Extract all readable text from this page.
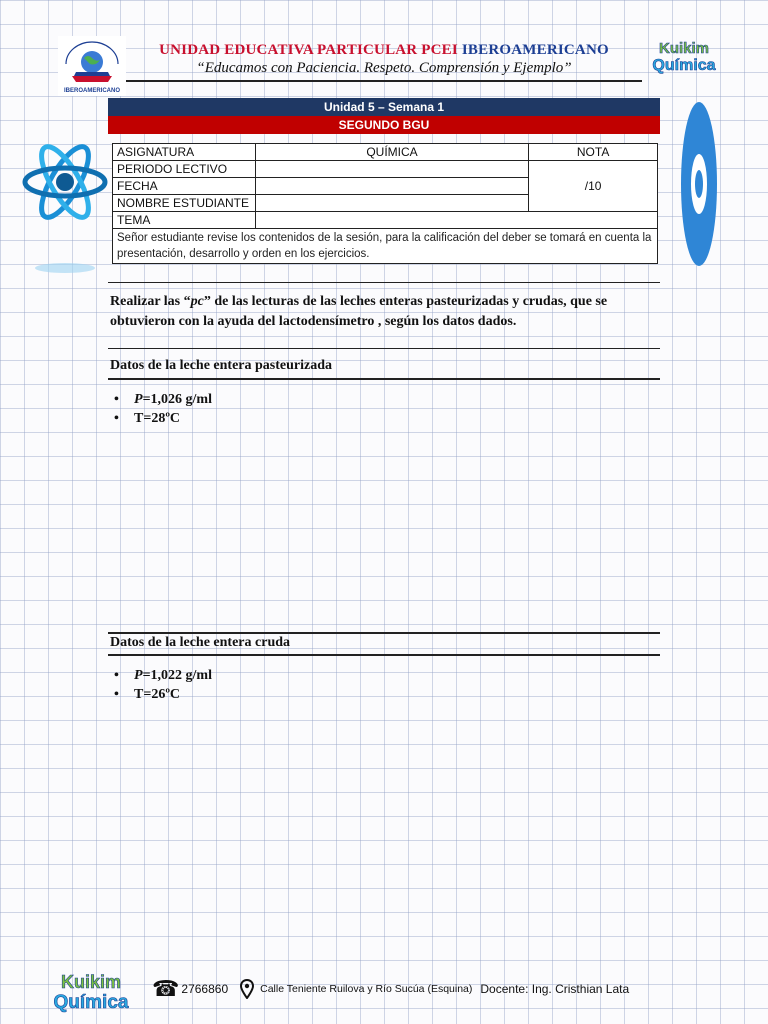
IBEROAMERICANO
UNIDAD EDUCATIVA PARTICULAR PCEI IBEROAMERICANO
“Educamos con Paciencia. Respeto. Comprensión y Ejemplo”
Kuikim
Química
Unidad 5 – Semana 1
SEGUNDO BGU
ASIGNATURA	QUÍMICA	NOTA
PERIODO LECTIVO		/10
FECHA		
NOMBRE ESTUDIANTE		
TEMA		
Señor estudiante revise los contenidos de la sesión, para la calificación del deber se tomará en cuenta la presentación, desarrollo y orden en los ejercicios.		
Realizar las “pc” de las lecturas de las leches enteras pasteurizadas y crudas, que se obtuvieron con la ayuda del lactodensímetro , según los datos dados.
Datos de la leche entera pasteurizada
• P=1,026 g/ml
• T=28ºC
Datos de la leche entera cruda
• P=1,022 g/ml
• T=26ºC
Kuikim
Química
☎ 2766860	Calle Teniente Ruilova y Río Sucúa (Esquina) Docente: Ing. Cristhian Lata
